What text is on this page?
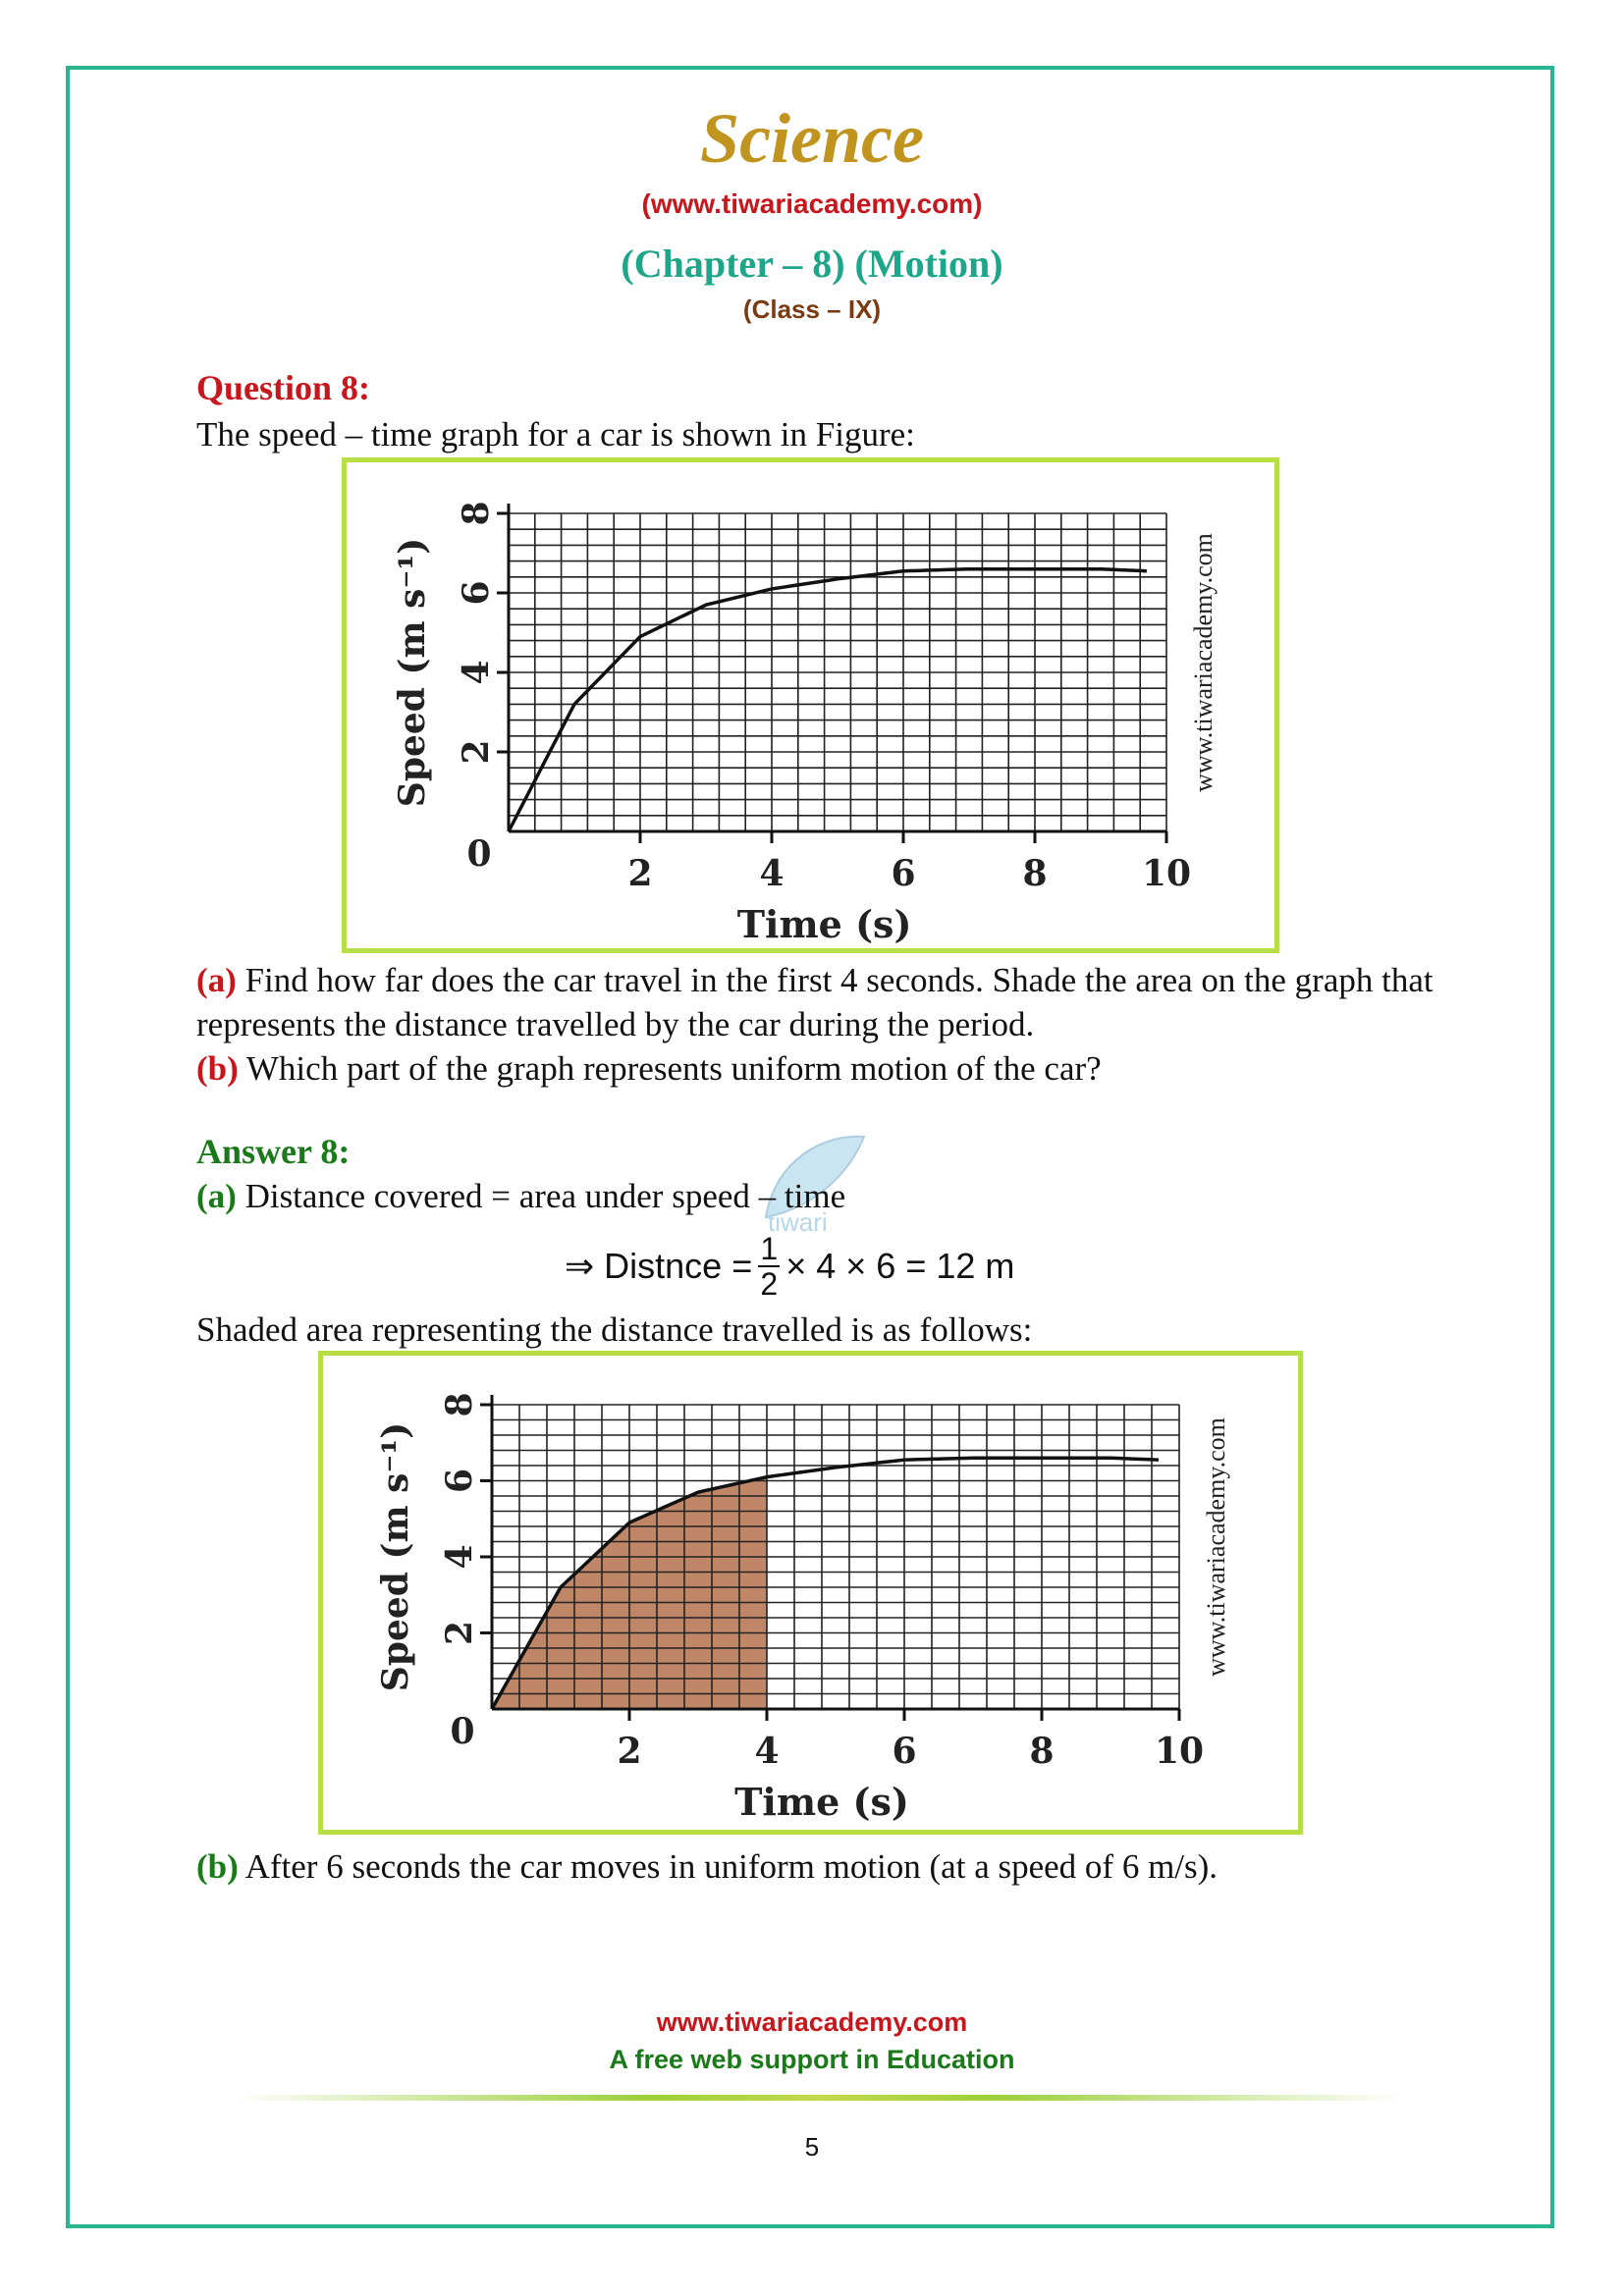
Science
(www.tiwariacademy.com)
(Chapter – 8) (Motion)
(Class – IX)
Question 8:
The speed – time graph for a car is shown in Figure:
2	4	6	8	10
2
4
6
8
0
Time (s)
Speed (m s⁻¹)	www.tiwariacademy.com
(a) Find how far does the car travel in the first 4 seconds. Shade the area on the graph that represents the distance travelled by the car during the period.
(b) Which part of the graph represents uniform motion of the car?
tiwari
Answer 8:
(a) Distance covered = area under speed – time
⇒ Distnce = $\frac{1}{2} \times 4 \times 6 = 12$ m
Shaded area representing the distance travelled is as follows:
2	4	6	8	10
2
4
6
8
0
Time (s)
Speed (m s⁻¹)	www.tiwariacademy.com
(b) After 6 seconds the car moves in uniform motion (at a speed of 6 m/s).
www.tiwariacademy.com
A free web support in Education
5
